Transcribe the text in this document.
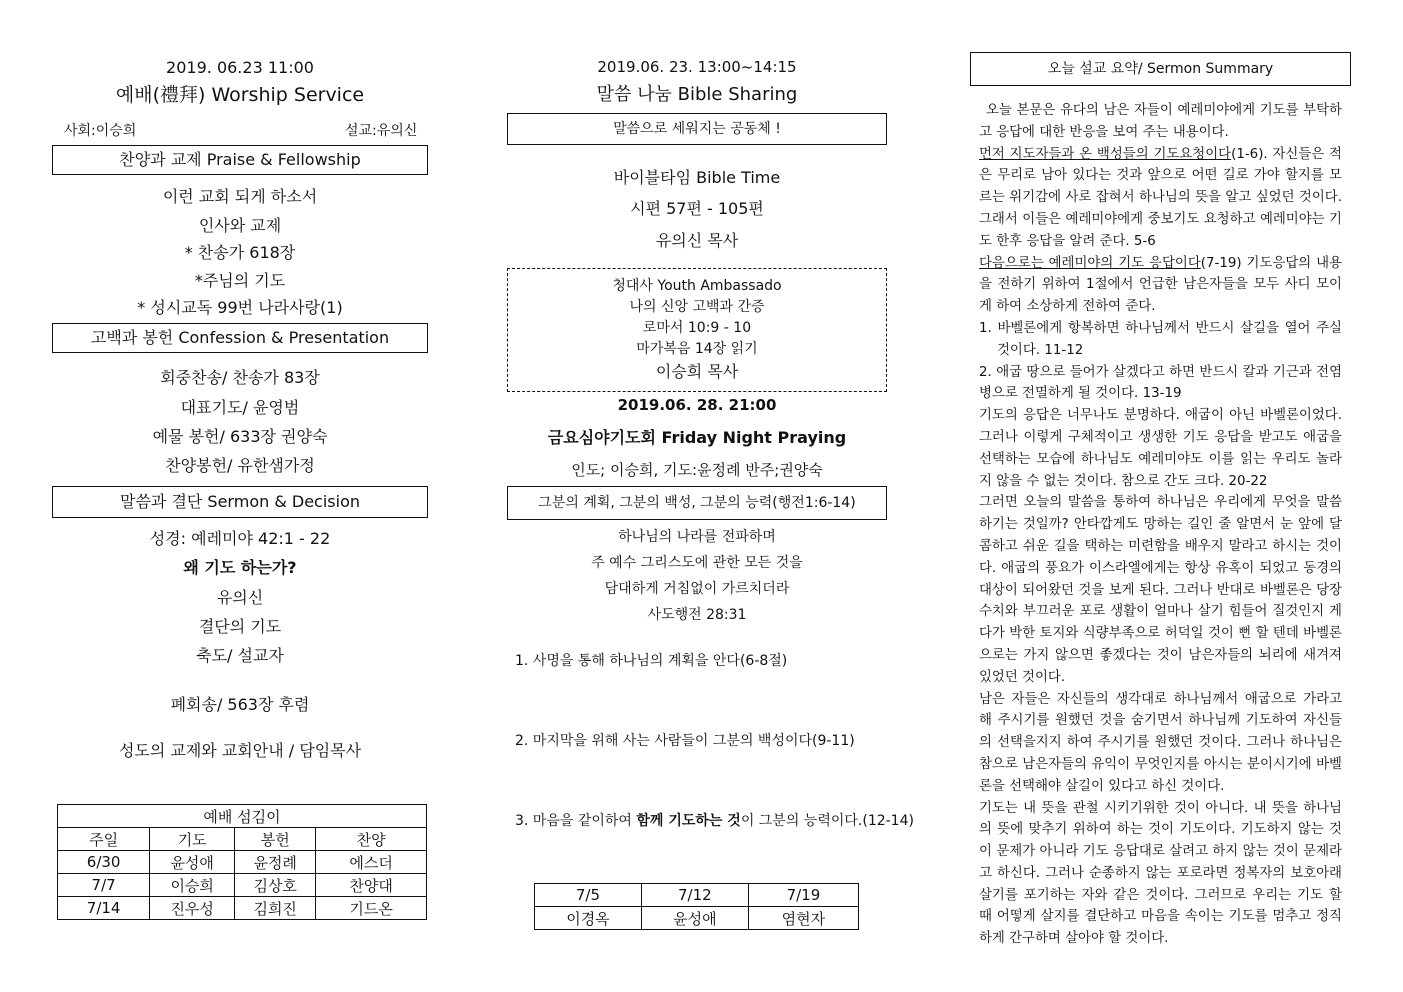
2019. 06.23 11:00
예배(禮拜) Worship Service
사회:이승희	설교:유의신
찬양과 교제 Praise & Fellowship
이런 교회 되게 하소서
인사와 교제
* 찬송가 618장
*주님의 기도
* 성시교독 99번 나라사랑(1)
고백과 봉헌 Confession & Presentation
회중찬송/ 찬송가 83장
대표기도/ 윤영범
예물 봉헌/ 633장 권양숙
찬양봉헌/ 유한샘가정
말씀과 결단 Sermon & Decision
성경: 예레미야 42:1 - 22
왜 기도 하는가?
유의신
결단의 기도
축도/ 설교자
폐회송/ 563장 후렴
성도의 교제와 교회안내 / 담임목사
예배 섬김이			
주일	기도	봉헌	찬양
6/30	윤성애	윤정례	에스더
7/7	이승희	김상호	찬양대
7/14	진우성	김희진	기드온
2019.06. 23. 13:00~14:15
말씀 나눔 Bible Sharing
말씀으로 세워지는 공동체 !
바이블타임 Bible Time
시편 57편 - 105편
유의신 목사
청대사 Youth Ambassado
나의 신앙 고백과 간증
로마서 10:9 - 10
마가복음 14장 읽기
이승희 목사
2019.06. 28. 21:00
금요심야기도회 Friday Night Praying
인도; 이승희, 기도:윤정례 반주;권양숙
그분의 계획, 그분의 백성, 그분의 능력(행전1:6-14)
하나님의 나라를 전파하며
주 예수 그리스도에 관한 모든 것을
담대하게 거침없이 가르치더라
사도행전 28:31
1. 사명을 통해 하나님의 계획을 안다(6-8절)
2. 마지막을 위해 사는 사람들이 그분의 백성이다(9-11)
3. 마음을 같이하여 함께 기도하는 것이 그분의 능력이다.(12-14)
7/5	7/12	7/19
이경옥	윤성애	염현자
오늘 설교 요약/ Sermon Summary

오늘 본문은 유다의 남은 자들이 예레미야에게 기도를 부탁하고 응답에 대한 반응을 보여 주는 내용이다.

먼저 지도자들과 온 백성들의 기도요청이다(1-6). 자신들은 적은 무리로 남아 있다는 것과 앞으로 어떤 길로 가야 할지를 모르는 위기감에 사로 잡혀서 하나님의 뜻을 알고 싶었던 것이다. 그래서 이들은 예레미야에게 중보기도 요청하고 예레미야는 기도 한후 응답을 알려 준다. 5-6

다음으로는 예레미야의 기도 응답이다(7-19) 기도응답의 내용을 전하기 위하여 1절에서 언급한 남은자들을 모두 사디 모이게 하여 소상하게 전하여 준다.

1. 바벨론에게 항복하면 하나님께서 반드시 살길을 열어 주실 것이다. 11-12

2. 애굽 땅으로 들어가 살겠다고 하면 반드시 칼과 기근과 전염병으로 전멸하게 될 것이다. 13-19

기도의 응답은 너무나도 분명하다. 애굽이 아닌 바벨론이었다. 그러나 이렇게 구체적이고 생생한 기도 응답을 받고도 애굽을 선택하는 모습에 하나님도 예레미야도 이를 읽는 우리도 놀라지 않을 수 없는 것이다. 참으로 간도 크다. 20-22

그러면 오늘의 말씀을 통하여 하나님은 우리에게 무엇을 말씀하기는 것일까? 안타깝게도 망하는 길인 줄 알면서 눈 앞에 달콤하고 쉬운 길을 택하는 미련함을 배우지 말라고 하시는 것이다. 애굽의 풍요가 이스라엘에게는 항상 유혹이 되었고 동경의 대상이 되어왔던 것을 보게 된다. 그러나 반대로 바벨론은 당장 수치와 부끄러운 포로 생활이 얼마나 살기 힘들어 질것인지 게다가 박한 토지와 식량부족으로 허덕일 것이 뻔 할 텐데 바벨론으로는 가지 않으면 좋겠다는 것이 남은자들의 뇌리에 새겨져 있었던 것이다.

남은 자들은 자신들의 생각대로 하나님께서 애굽으로 가라고 해 주시기를 원했던 것을 숨기면서 하나님께 기도하여 자신들의 선택을지지 하여 주시기를 원했던 것이다. 그러나 하나님은 참으로 남은자들의 유익이 무엇인지를 아시는 분이시기에 바벨론을 선택해야 살길이 있다고 하신 것이다.

기도는 내 뜻을 관철 시키기위한 것이 아니다. 내 뜻을 하나님의 뜻에 맞추기 위하여 하는 것이 기도이다. 기도하지 않는 것이 문제가 아니라 기도 응답대로 살려고 하지 않는 것이 문제라고 하신다. 그러나 순종하지 않는 포로라면 정복자의 보호아래 살기를 포기하는 자와 같은 것이다. 그러므로 우리는 기도 할 때 어떻게 살지를 결단하고 마음을 속이는 기도를 멈추고 정직하게 간구하며 살아야 할 것이다.
